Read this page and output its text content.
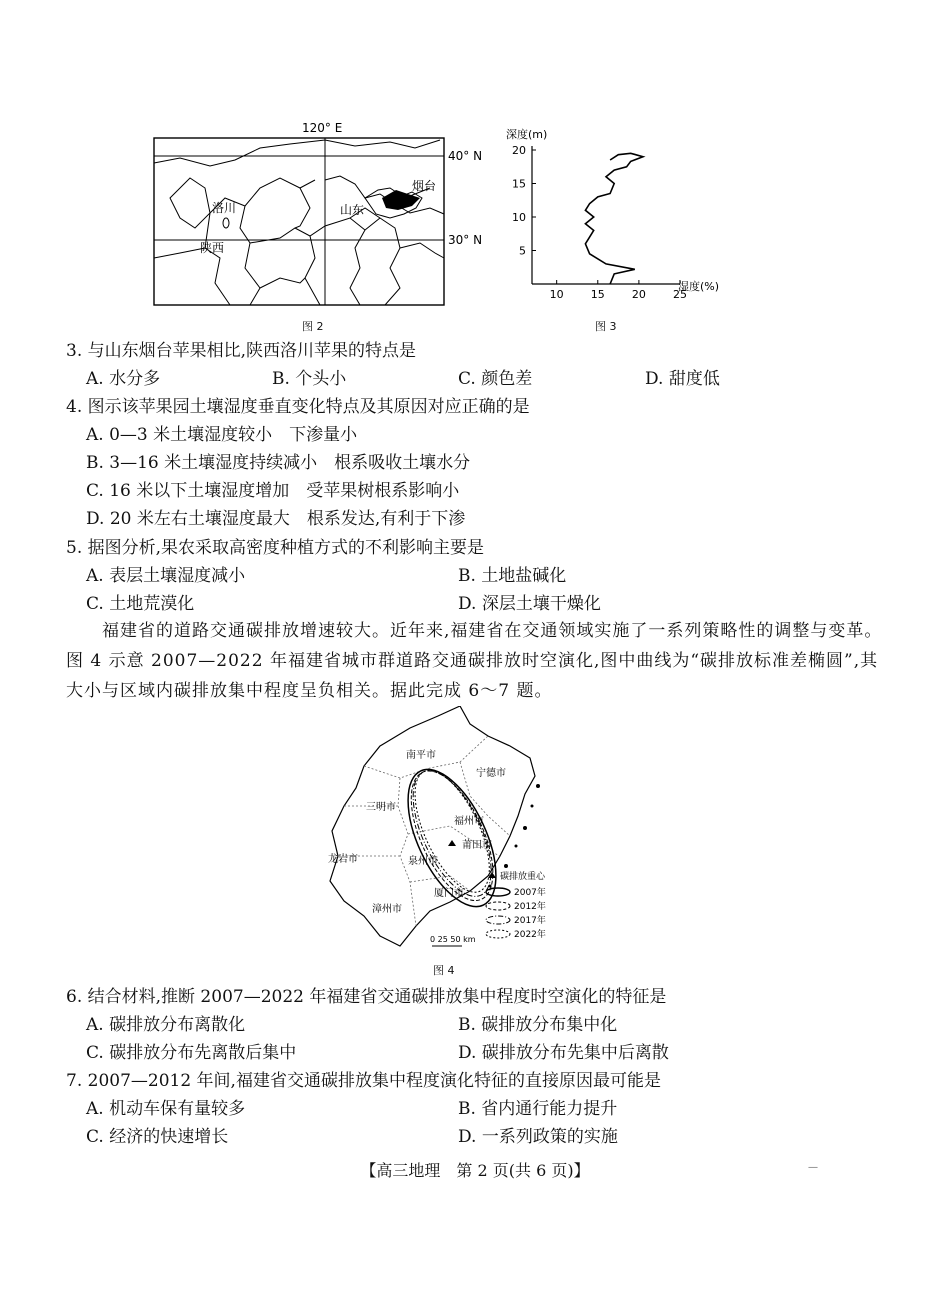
120° E
40° N
30° N
洛川
陕西
山东
烟台
图 2
深度(m)
湿度(%)
10 15 20 25
5
10
15
20
图 3
3. 与山东烟台苹果相比,陕西洛川苹果的特点是
A. 水分多	B. 个头小	C. 颜色差	D. 甜度低
4. 图示该苹果园土壤湿度垂直变化特点及其原因对应正确的是
A. 0—3 米土壤湿度较小　下渗量小
B. 3—16 米土壤湿度持续减小　根系吸收土壤水分
C. 16 米以下土壤湿度增加　受苹果树根系影响小
D. 20 米左右土壤湿度最大　根系发达,有利于下渗
5. 据图分析,果农采取高密度种植方式的不利影响主要是
A. 表层土壤湿度减小	B. 土地盐碱化
C. 土地荒漠化	D. 深层土壤干燥化
福建省的道路交通碳排放增速较大。近年来,福建省在交通领域实施了一系列策略性的调整与变革。图 4 示意 2007—2022 年福建省城市群道路交通碳排放时空演化,图中曲线为“碳排放标准差椭圆”,其大小与区域内碳排放集中程度呈负相关。据此完成 6～7 题。
南平市
宁德市
三明市
福州市
莆田市
龙岩市	泉州市
厦门市
漳州市
0 25 50 km
碳排放重心
2007年
2012年
2017年
2022年
图 4
6. 结合材料,推断 2007—2022 年福建省交通碳排放集中程度时空演化的特征是
A. 碳排放分布离散化	B. 碳排放分布集中化
C. 碳排放分布先离散后集中	D. 碳排放分布先集中后离散
7. 2007—2012 年间,福建省交通碳排放集中程度演化特征的直接原因最可能是
A. 机动车保有量较多	B. 省内通行能力提升
C. 经济的快速增长	D. 一系列政策的实施
【高三地理　第 2 页(共 6 页)】	—
